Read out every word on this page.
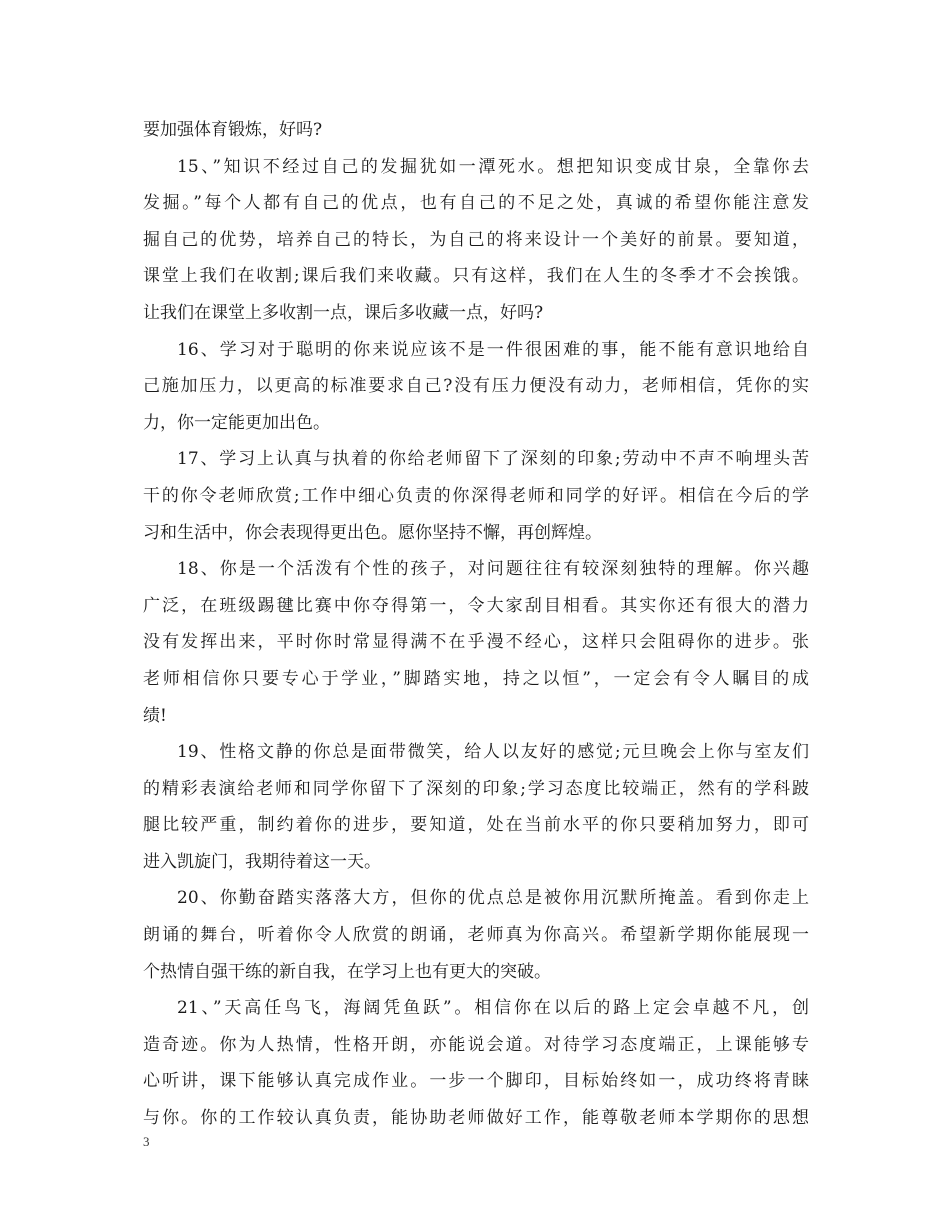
要加强体育锻炼，好吗?
15、”知识不经过自己的发掘犹如一潭死水。想把知识变成甘泉，全靠你去
发掘。”每个人都有自己的优点，也有自己的不足之处，真诚的希望你能注意发
掘自己的优势，培养自己的特长，为自己的将来设计一个美好的前景。要知道，
课堂上我们在收割;课后我们来收藏。只有这样，我们在人生的冬季才不会挨饿。
让我们在课堂上多收割一点，课后多收藏一点，好吗?
16、学习对于聪明的你来说应该不是一件很困难的事，能不能有意识地给自
己施加压力，以更高的标准要求自己?没有压力便没有动力，老师相信，凭你的实
力，你一定能更加出色。
17、学习上认真与执着的你给老师留下了深刻的印象;劳动中不声不响埋头苦
干的你令老师欣赏;工作中细心负责的你深得老师和同学的好评。相信在今后的学
习和生活中，你会表现得更出色。愿你坚持不懈，再创辉煌。
18、你是一个活泼有个性的孩子，对问题往往有较深刻独特的理解。你兴趣
广泛，在班级踢毽比赛中你夺得第一，令大家刮目相看。其实你还有很大的潜力
没有发挥出来，平时你时常显得满不在乎漫不经心，这样只会阻碍你的进步。张
老师相信你只要专心于学业，”脚踏实地，持之以恒”，一定会有令人瞩目的成
绩!
19、性格文静的你总是面带微笑，给人以友好的感觉;元旦晚会上你与室友们
的精彩表演给老师和同学你留下了深刻的印象;学习态度比较端正，然有的学科跛
腿比较严重，制约着你的进步，要知道，处在当前水平的你只要稍加努力，即可
进入凯旋门，我期待着这一天。
20、你勤奋踏实落落大方，但你的优点总是被你用沉默所掩盖。看到你走上
朗诵的舞台，听着你令人欣赏的朗诵，老师真为你高兴。希望新学期你能展现一
个热情自强干练的新自我，在学习上也有更大的突破。
21、”天高任鸟飞，海阔凭鱼跃”。相信你在以后的路上定会卓越不凡，创
造奇迹。你为人热情，性格开朗，亦能说会道。对待学习态度端正，上课能够专
心听讲，课下能够认真完成作业。一步一个脚印，目标始终如一，成功终将青睐
与你。你的工作较认真负责，能协助老师做好工作，能尊敬老师本学期你的思想
3
